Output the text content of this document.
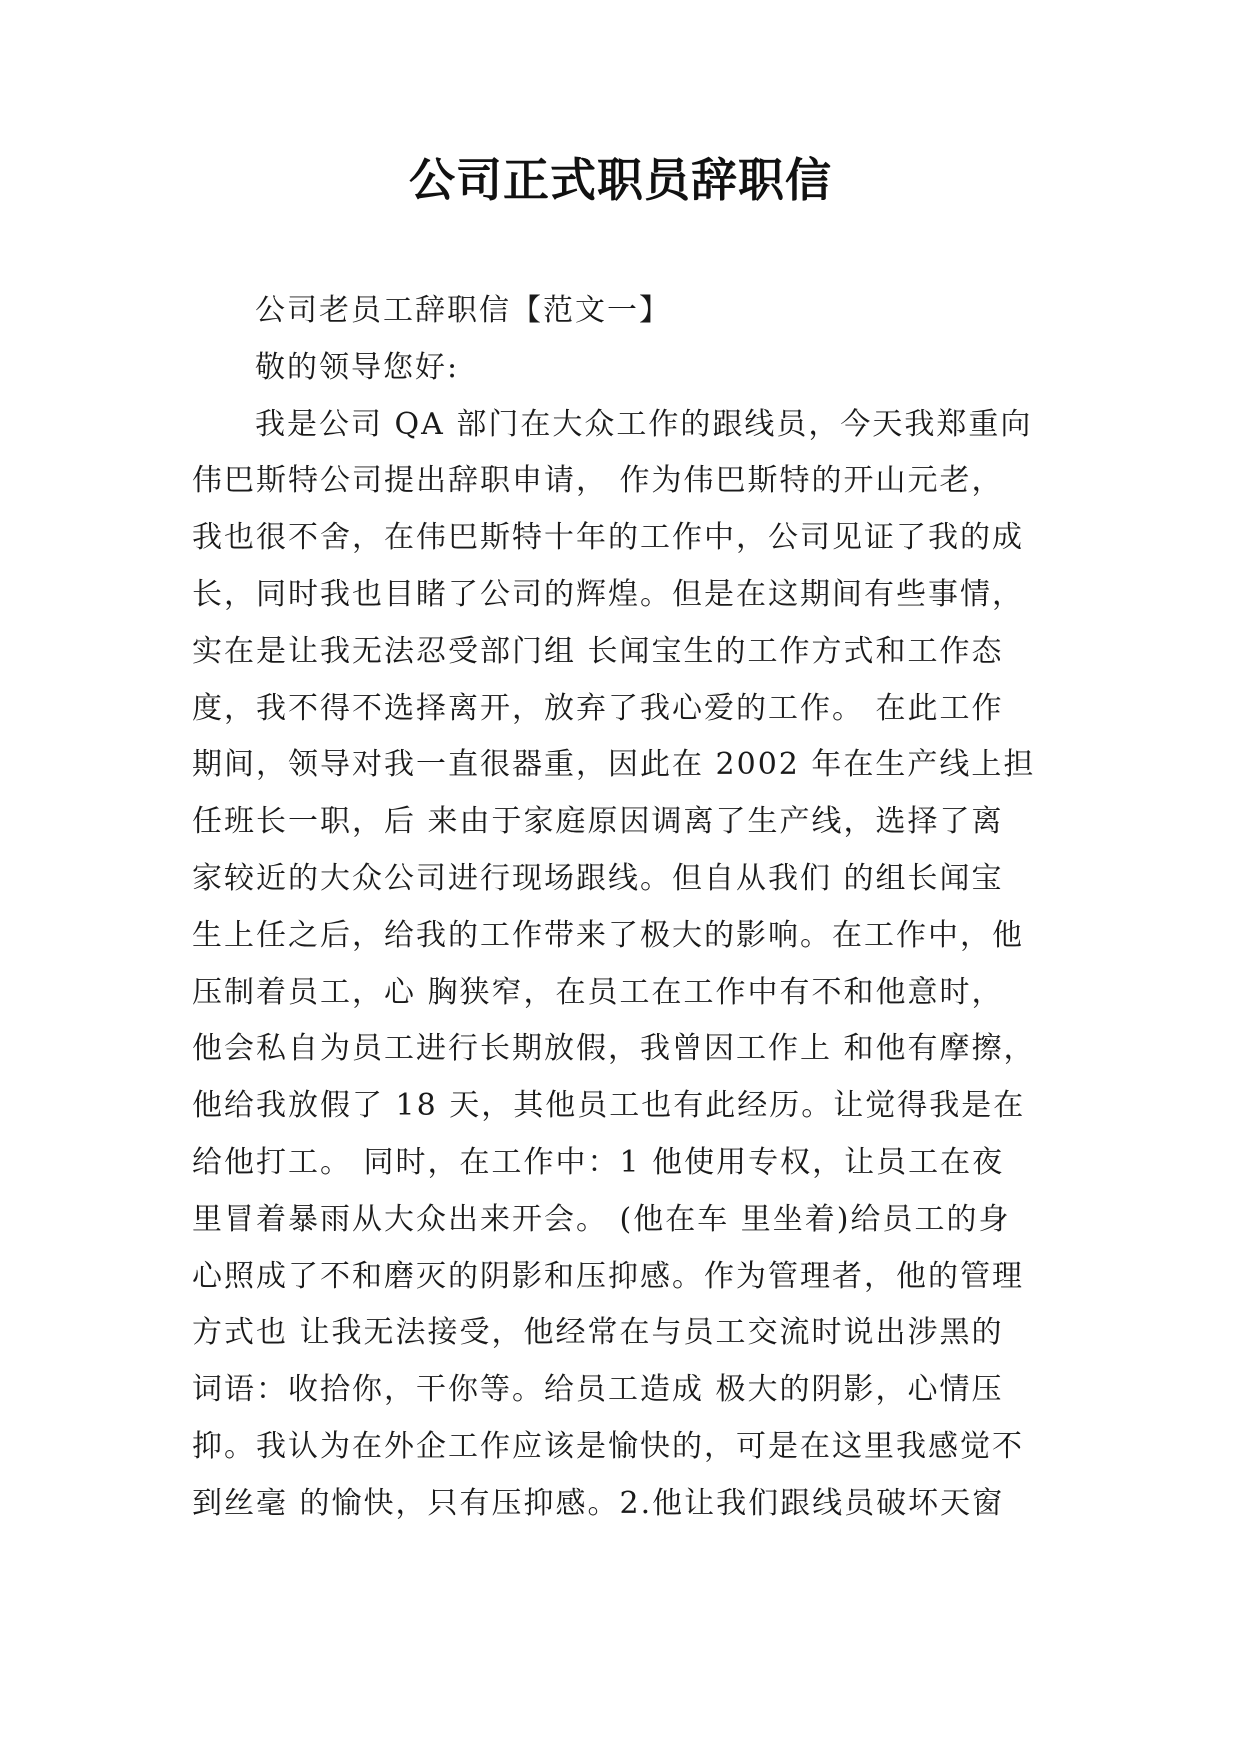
公司正式职员辞职信
公司老员工辞职信【范文一】
敬的领导您好:
我是公司 QA 部门在大众工作的跟线员，今天我郑重向
伟巴斯特公司提出辞职申请， 作为伟巴斯特的开山元老，
我也很不舍，在伟巴斯特十年的工作中，公司见证了我的成
长，同时我也目睹了公司的辉煌。但是在这期间有些事情，
实在是让我无法忍受部门组 长闻宝生的工作方式和工作态
度，我不得不选择离开，放弃了我心爱的工作。 在此工作
期间，领导对我一直很器重，因此在 2002 年在生产线上担
任班长一职，后 来由于家庭原因调离了生产线，选择了离
家较近的大众公司进行现场跟线。但自从我们 的组长闻宝
生上任之后，给我的工作带来了极大的影响。在工作中，他
压制着员工，心 胸狭窄，在员工在工作中有不和他意时，
他会私自为员工进行长期放假，我曾因工作上 和他有摩擦，
他给我放假了 18 天，其他员工也有此经历。让觉得我是在
给他打工。 同时，在工作中：1 他使用专权，让员工在夜
里冒着暴雨从大众出来开会。 (他在车 里坐着)给员工的身
心照成了不和磨灭的阴影和压抑感。作为管理者，他的管理
方式也 让我无法接受，他经常在与员工交流时说出涉黑的
词语：收拾你，干你等。给员工造成 极大的阴影，心情压
抑。我认为在外企工作应该是愉快的，可是在这里我感觉不
到丝毫 的愉快，只有压抑感。2.他让我们跟线员破坏天窗
